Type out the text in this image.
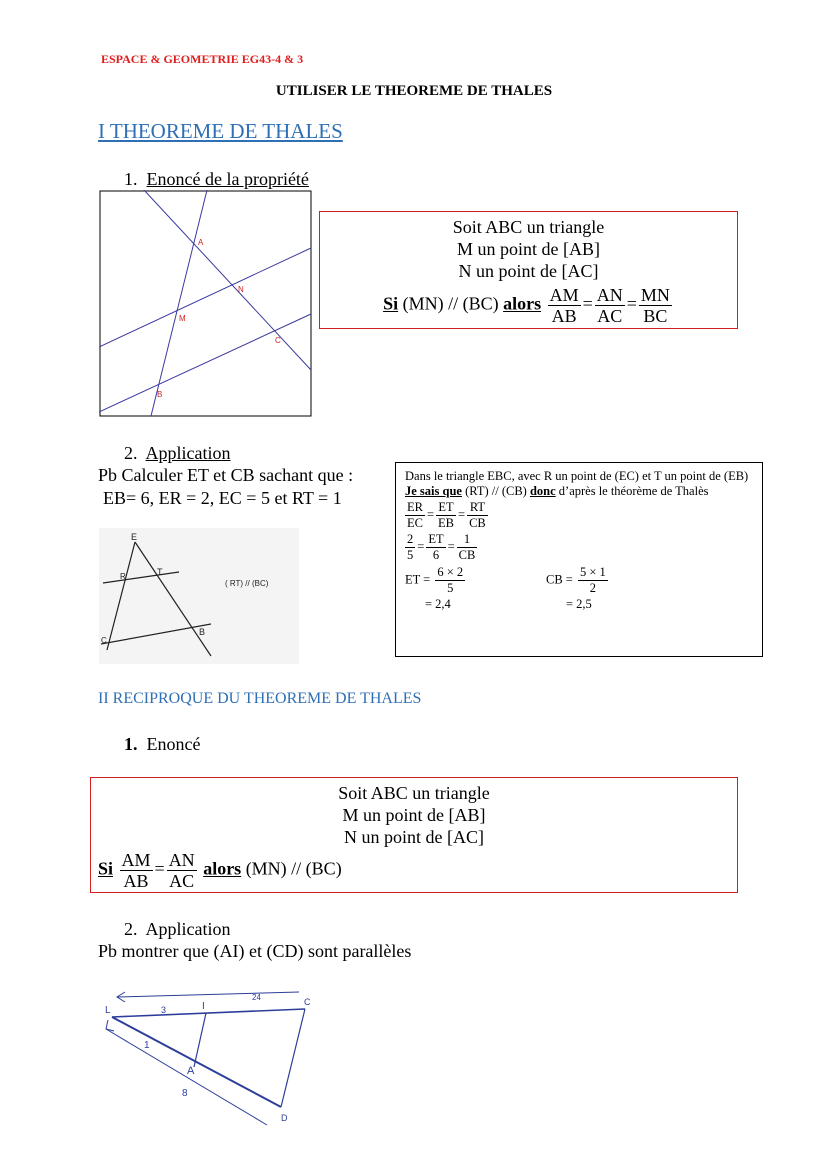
ESPACE & GEOMETRIE EG43-4 & 3
UTILISER LE THEOREME DE THALES
I THEOREME DE THALES
1. Enoncé de la propriété
A
N
M
C
B
Soit ABC un triangle
M un point de [AB]
N un point de [AC]
Si (MN) // (BC) alors $\frac{AM}{AB} = \frac{AN}{AC} = \frac{MN}{BC}$
2. Application
Pb Calculer ET et CB sachant que :
EB= 6, ER = 2, EC = 5 et RT = 1
E
R	T
C
B
( RT) // (BC)
Dans le triangle EBC, avec R un point de (EC) et T un point de (EB)
Je sais que (RT) // (CB) donc d’après le théorème de Thalès
$\frac{ER}{EC} = \frac{ET}{EB} = \frac{RT}{CB}$
$\frac{2}{5} = \frac{ET}{6} = \frac{1}{CB}$
ET = $\frac{6 \times 2}{5}$	CB = $\frac{5 \times 1}{2}$
= 2,4	= 2,5
II RECIPROQUE DU THEOREME DE THALES
1. Enoncé
Soit ABC un triangle
M un point de [AB]
N un point de [AC]
Si $\frac{AM}{AB} = \frac{AN}{AC}$ alors (MN) // (BC)
2. Application
Pb montrer que (AI) et (CD) sont parallèles
L	I	C
A
D
3
24
1
8
